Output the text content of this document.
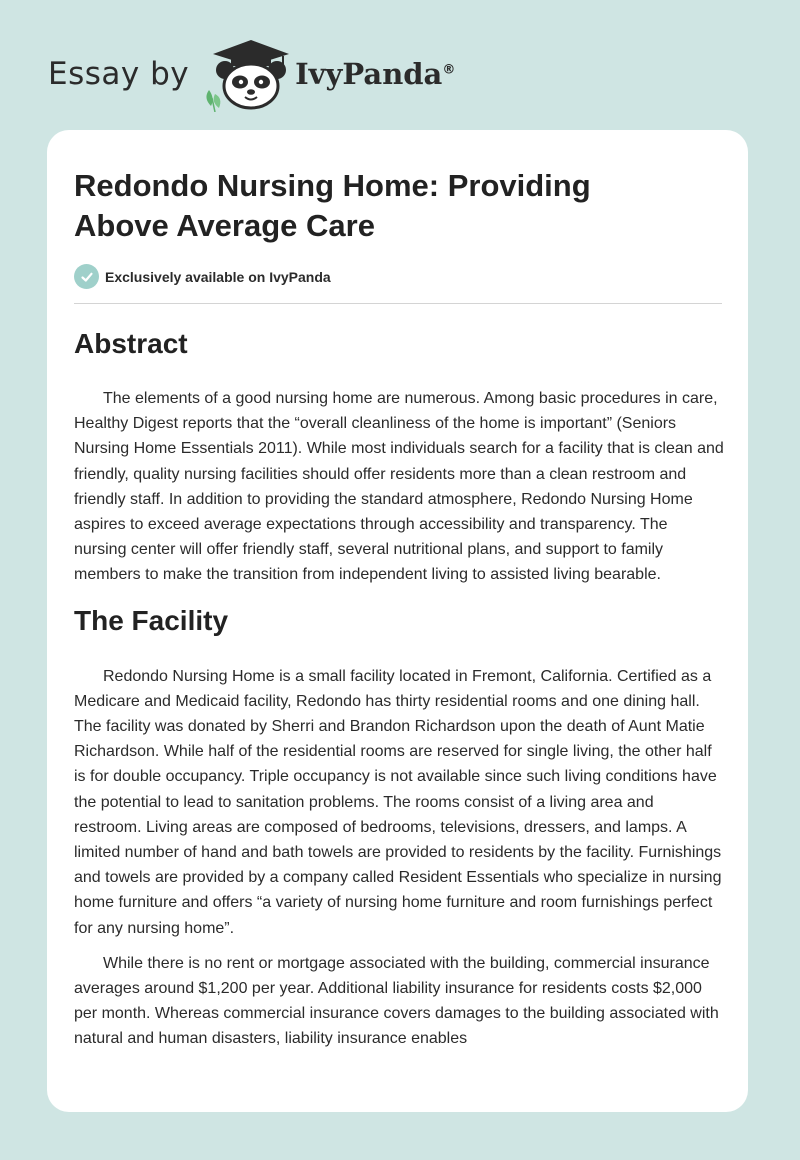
Essay by	IvyPanda®
Redondo Nursing Home: Providing Above Average Care
Exclusively available on IvyPanda
Abstract

The elements of a good nursing home are numerous. Among basic procedures in care, Healthy Digest reports that the “overall cleanliness of the home is important” (Seniors Nursing Home Essentials 2011). While most individuals search for a facility that is clean and friendly, quality nursing facilities should offer residents more than a clean restroom and friendly staff. In addition to providing the standard atmosphere, Redondo Nursing Home aspires to exceed average expectations through accessibility and transparency. The nursing center will offer friendly staff, several nutritional plans, and support to family members to make the transition from independent living to assisted living bearable.

The Facility

Redondo Nursing Home is a small facility located in Fremont, California. Certified as a Medicare and Medicaid facility, Redondo has thirty residential rooms and one dining hall. The facility was donated by Sherri and Brandon Richardson upon the death of Aunt Matie Richardson. While half of the residential rooms are reserved for single living, the other half is for double occupancy. Triple occupancy is not available since such living conditions have the potential to lead to sanitation problems. The rooms consist of a living area and restroom. Living areas are composed of bedrooms, televisions, dressers, and lamps. A limited number of hand and bath towels are provided to residents by the facility. Furnishings and towels are provided by a company called Resident Essentials who specialize in nursing home furniture and offers “a variety of nursing home furniture and room furnishings perfect for any nursing home”.

While there is no rent or mortgage associated with the building, commercial insurance averages around $1,200 per year. Additional liability insurance for residents costs $2,000 per month. Whereas commercial insurance covers damages to the building associated with natural and human disasters, liability insurance enables
